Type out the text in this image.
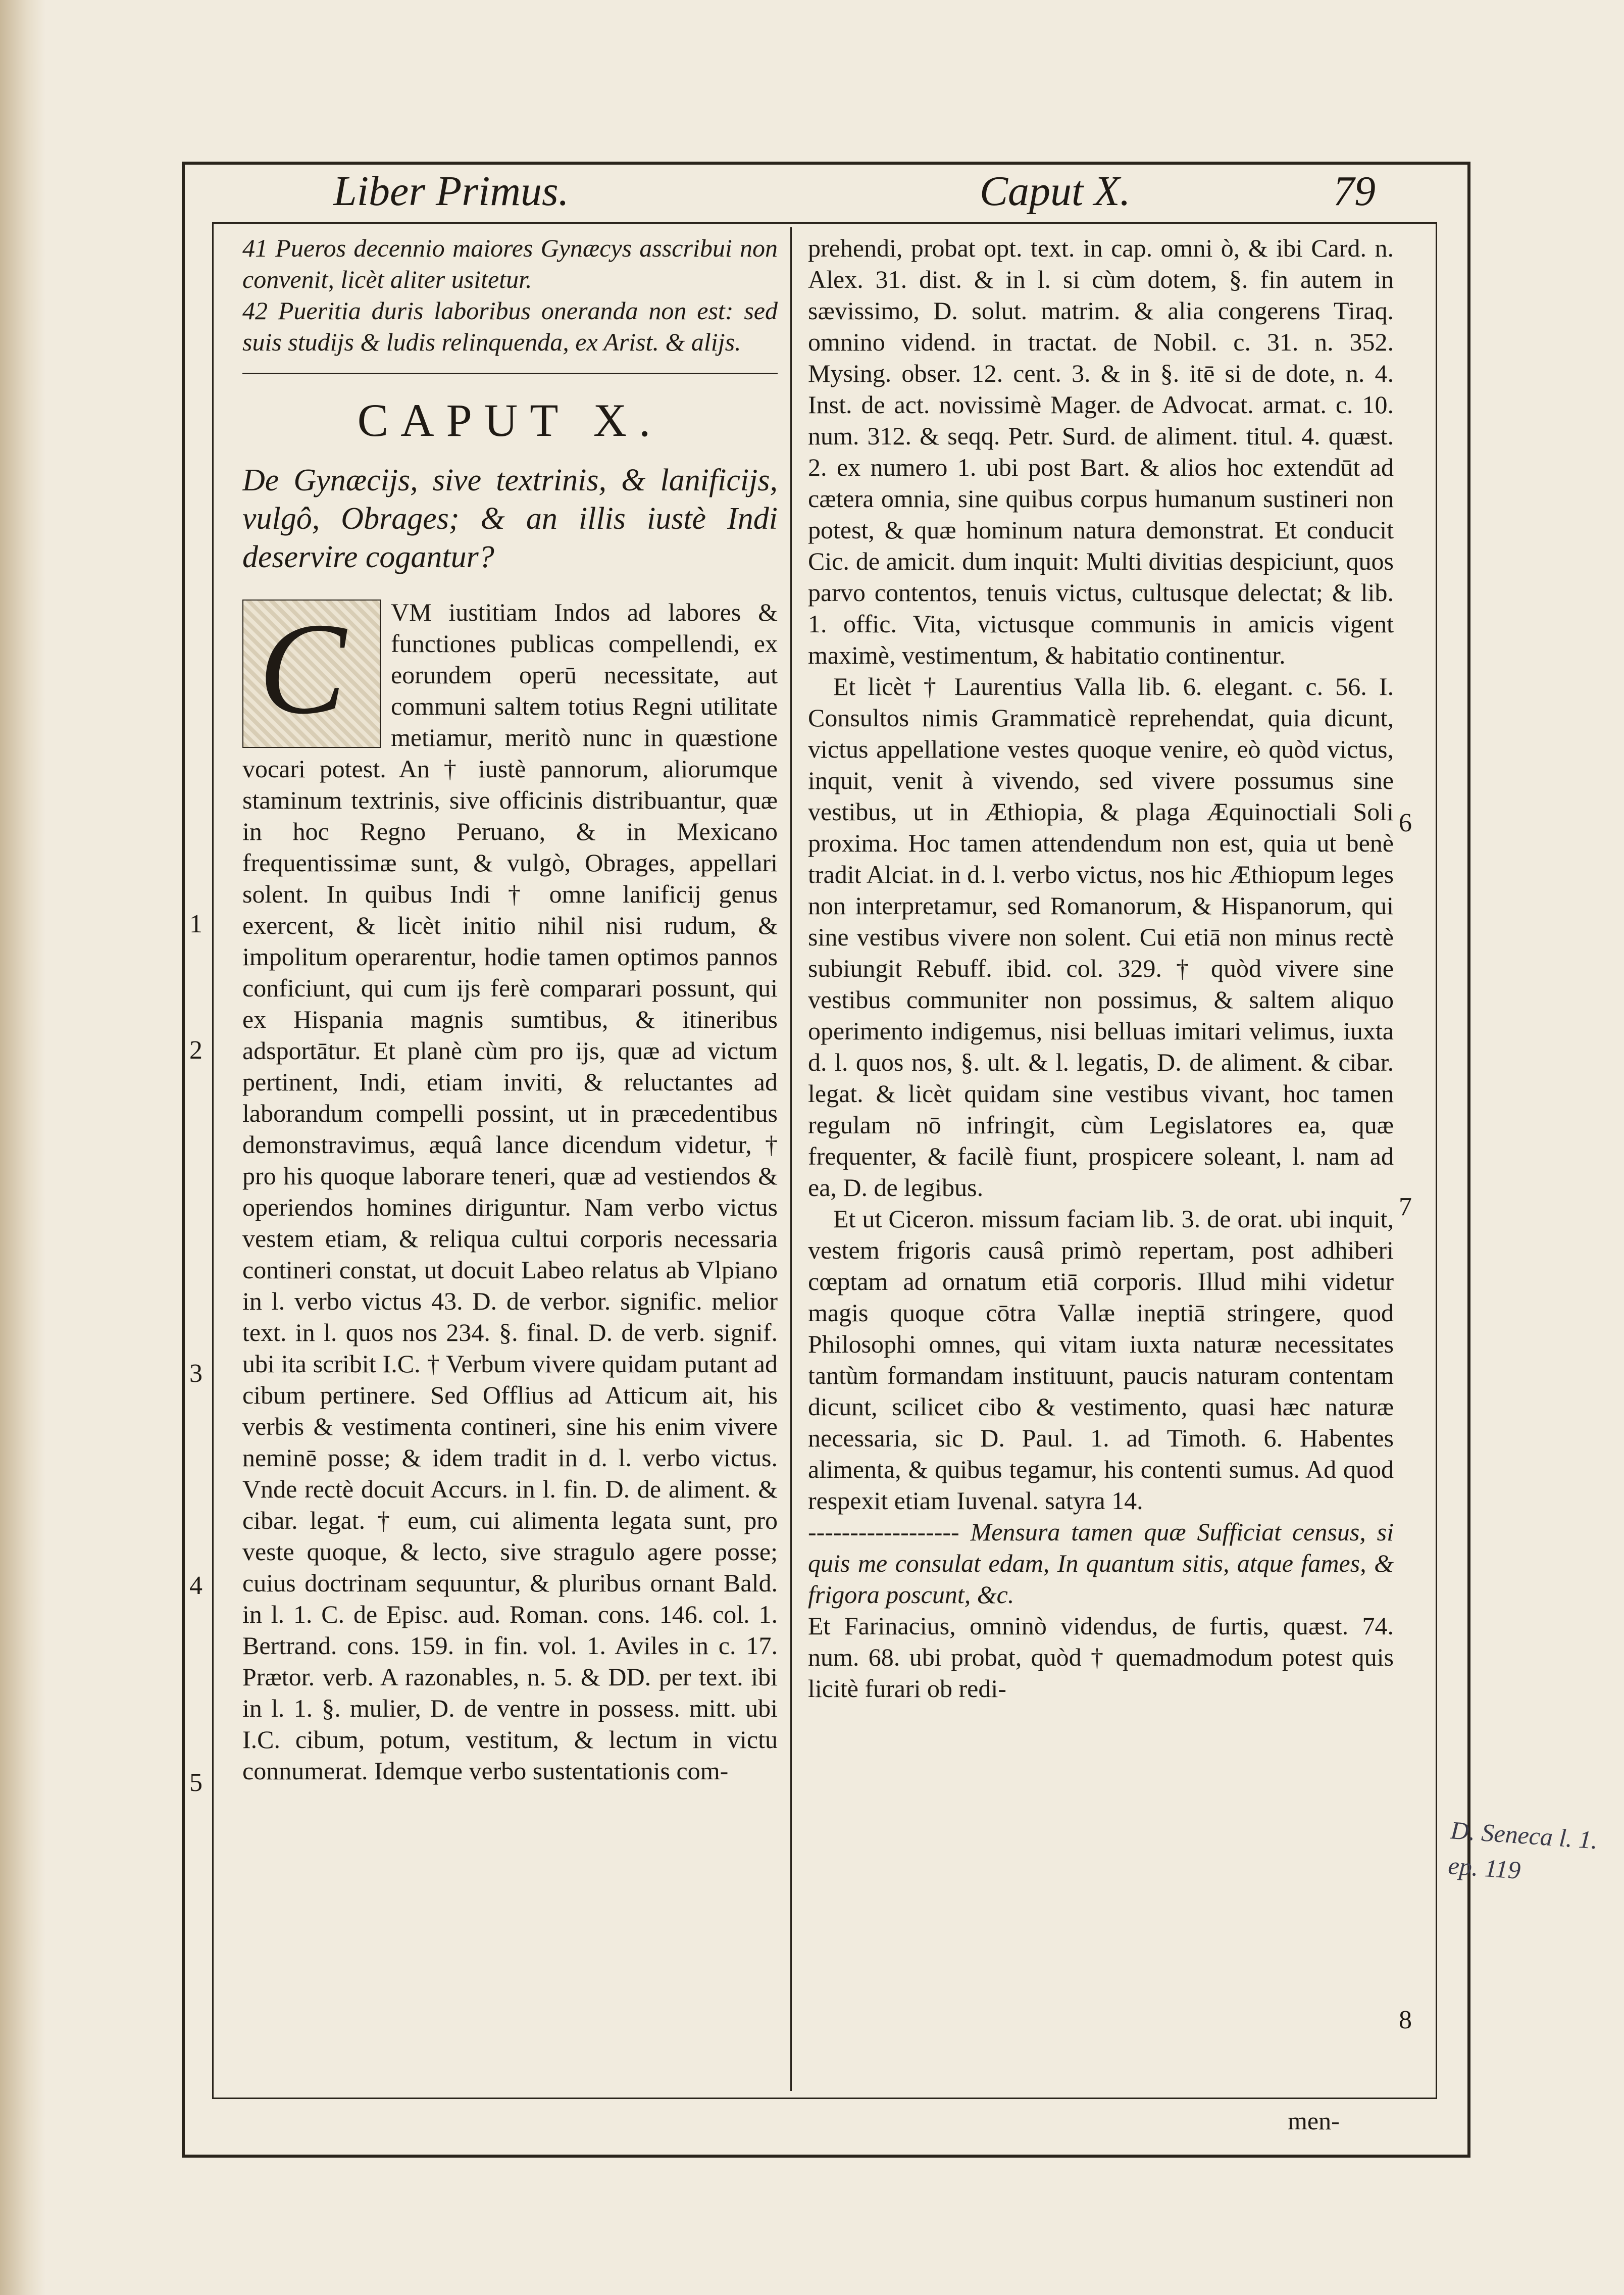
Liber Primus.	Caput X.	79

41 Pueros decennio maiores Gynæcys asscribui non convenit, licèt aliter usitetur.

42 Pueritia duris laboribus oneranda non est: sed suis studijs & ludis relinquenda, ex Arist. & alijs.

CAPUT X.
De Gynæcijs, sive textrinis, & lanificijs, vulgô, Obrages; & an illis iustè Indi deservire cogantur?
C	VM iustitiam Indos ad labores & functiones publicas compellendi, ex eorundem operū necessitate, aut communi saltem totius Regni utilitate metiamur, meritò nunc in quæstione vocari potest. An † iustè pannorum, aliorumque staminum textrinis, sive officinis distribuantur, quæ in hoc Regno Peruano, & in Mexicano frequentissimæ sunt, & vulgò, Obrages, appellari solent. In quibus Indi † omne lanificij genus exercent, & licèt initio nihil nisi rudum, & impolitum operarentur, hodie tamen optimos pannos conficiunt, qui cum ijs ferè comparari possunt, qui ex Hispania magnis sumtibus, & itineribus adsportātur. Et planè cùm pro ijs, quæ ad victum pertinent, Indi, etiam inviti, & reluctantes ad laborandum compelli possint, ut in præcedentibus demonstravimus, æquâ lance dicendum videtur, † pro his quoque laborare teneri, quæ ad vestiendos & operiendos homines diriguntur. Nam verbo victus vestem etiam, & reliqua cultui corporis necessaria contineri constat, ut docuit Labeo relatus ab Vlpiano in l. verbo victus 43. D. de verbor. signific. melior text. in l. quos nos 234. §. final. D. de verb. signif. ubi ita scribit I.C. † Verbum vivere quidam putant ad cibum pertinere. Sed Offlius ad Atticum ait, his verbis & vestimenta contineri, sine his enim vivere neminē posse; & idem tradit in d. l. verbo victus. Vnde rectè docuit Accurs. in l. fin. D. de aliment. & cibar. legat. † eum, cui alimenta legata sunt, pro veste quoque, & lecto, sive stragulo agere posse; cuius doctrinam sequuntur, & pluribus ornant Bald. in l. 1. C. de Episc. aud. Roman. cons. 146. col. 1. Bertrand. cons. 159. in fin. vol. 1. Aviles in c. 17. Prætor. verb. A razonables, n. 5. & DD. per text. ibi in l. 1. §. mulier, D. de ventre in possess. mitt. ubi I.C. cibum, potum, vestitum, & lectum in victu connumerat. Idemque verbo sustentationis com-

prehendi, probat opt. text. in cap. omni ò, & ibi Card. n. Alex. 31. dist. & in l. si cùm dotem, §. fin autem in sævissimo, D. solut. matrim. & alia congerens Tiraq. omnino vidend. in tractat. de Nobil. c. 31. n. 352. Mysing. obser. 12. cent. 3. & in §. itē si de dote, n. 4. Inst. de act. novissimè Mager. de Advocat. armat. c. 10. num. 312. & seqq. Petr. Surd. de aliment. titul. 4. quæst. 2. ex numero 1. ubi post Bart. & alios hoc extendūt ad cætera omnia, sine quibus corpus humanum sustineri non potest, & quæ hominum natura demonstrat. Et conducit Cic. de amicit. dum inquit: Multi divitias despiciunt, quos parvo contentos, tenuis victus, cultusque delectat; & lib. 1. offic. Vita, victusque communis in amicis vigent maximè, vestimentum, & habitatio continentur.

Et licèt † Laurentius Valla lib. 6. elegant. c. 56. I. Consultos nimis Grammaticè reprehendat, quia dicunt, victus appellatione vestes quoque venire, eò quòd victus, inquit, venit à vivendo, sed vivere possumus sine vestibus, ut in Æthiopia, & plaga Æquinoctiali Soli proxima. Hoc tamen attendendum non est, quia ut benè tradit Alciat. in d. l. verbo victus, nos hic Æthiopum leges non interpretamur, sed Romanorum, & Hispanorum, qui sine vestibus vivere non solent. Cui etiā non minus rectè subiungit Rebuff. ibid. col. 329. † quòd vivere sine vestibus communiter non possimus, & saltem aliquo operimento indigemus, nisi belluas imitari velimus, iuxta d. l. quos nos, §. ult. & l. legatis, D. de aliment. & cibar. legat. & licèt quidam sine vestibus vivant, hoc tamen regulam nō infringit, cùm Legislatores ea, quæ frequenter, & facilè fiunt, prospicere soleant, l. nam ad ea, D. de legibus.

Et ut Ciceron. missum faciam lib. 3. de orat. ubi inquit, vestem frigoris causâ primò repertam, post adhiberi cœptam ad ornatum etiā corporis. Illud mihi videtur magis quoque cōtra Vallæ ineptiā stringere, quod Philosophi omnes, qui vitam iuxta naturæ necessitates tantùm formandam instituunt, paucis naturam contentam dicunt, scilicet cibo & vestimento, quasi hæc naturæ necessaria, sic D. Paul. 1. ad Timoth. 6. Habentes alimenta, & quibus tegamur, his contenti sumus. Ad quod respexit etiam Iuvenal. satyra 14.

------------------ Mensura tamen quæ Sufficiat census, si quis me consulat edam, In quantum sitis, atque fames, & frigora poscunt, &c.

Et Farinacius, omninò videndus, de furtis, quæst. 74. num. 68. ubi probat, quòd † quemadmodum potest quis licitè furari ob redi-

1
2
3
4
5
6
7
8
men-
D. Seneca l. 1. ep. 119
